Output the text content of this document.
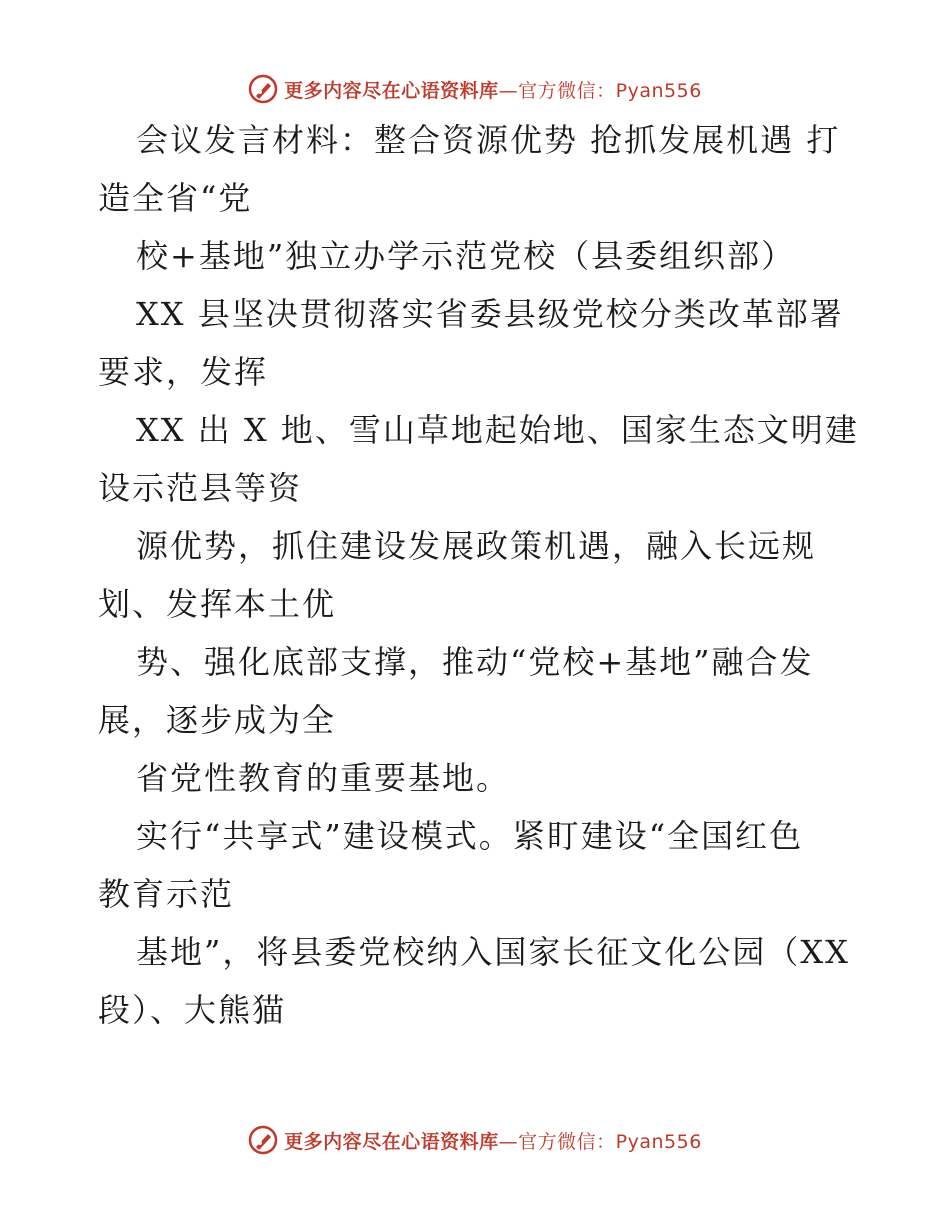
更多内容尽在心语资料库—官方微信：Pyan556
会议发言材料：整合资源优势 抢抓发展机遇 打
造全省“党
校+基地”独立办学示范党校（县委组织部）
XX 县坚决贯彻落实省委县级党校分类改革部署
要求，发挥
XX 出 X 地、雪山草地起始地、国家生态文明建
设示范县等资
源优势，抓住建设发展政策机遇，融入长远规
划、发挥本土优
势、强化底部支撑，推动“党校+基地”融合发
展，逐步成为全
省党性教育的重要基地。
实行“共享式”建设模式。紧盯建设“全国红色
教育示范
基地”，将县委党校纳入国家长征文化公园（XX
段）、大熊猫
更多内容尽在心语资料库—官方微信：Pyan556
